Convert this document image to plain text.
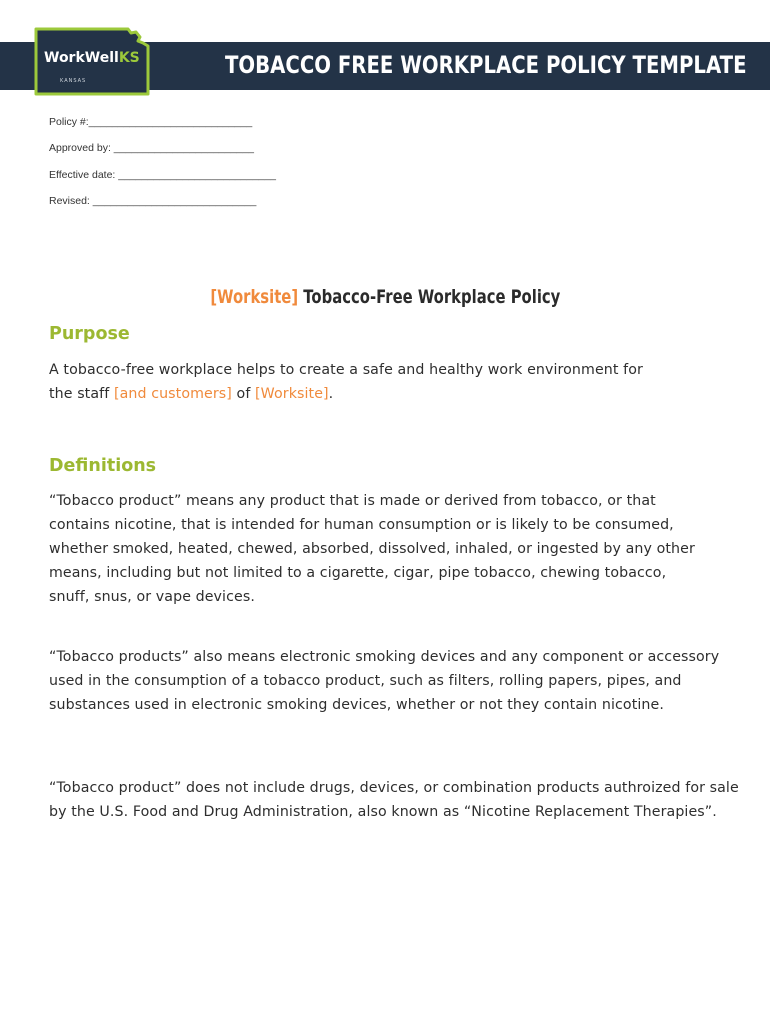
WorkWellKS
KANSAS
TOBACCO FREE WORKPLACE POLICY TEMPLATE
Policy #:____________________________
Approved by: ________________________
Effective date: ___________________________
Revised: ____________________________
[Worksite] Tobacco-Free Workplace Policy
Purpose
A tobacco-free workplace helps to create a safe and healthy work environment for
the staff [and customers] of [Worksite].
Definitions
“Tobacco product” means any product that is made or derived from tobacco, or that contains nicotine, that is intended for human consumption or is likely to be consumed, whether smoked, heated, chewed, absorbed, dissolved, inhaled, or ingested by any other means, including but not limited to a cigarette, cigar, pipe tobacco, chewing tobacco, snuff, snus, or vape devices.
“Tobacco products” also means electronic smoking devices and any component or accessory used in the consumption of a tobacco product, such as filters, rolling papers, pipes, and substances used in electronic smoking devices, whether or not they contain nicotine.
“Tobacco product” does not include drugs, devices, or combination products authroized for sale by the U.S. Food and Drug Administration, also known as “Nicotine Replacement Therapies”.
